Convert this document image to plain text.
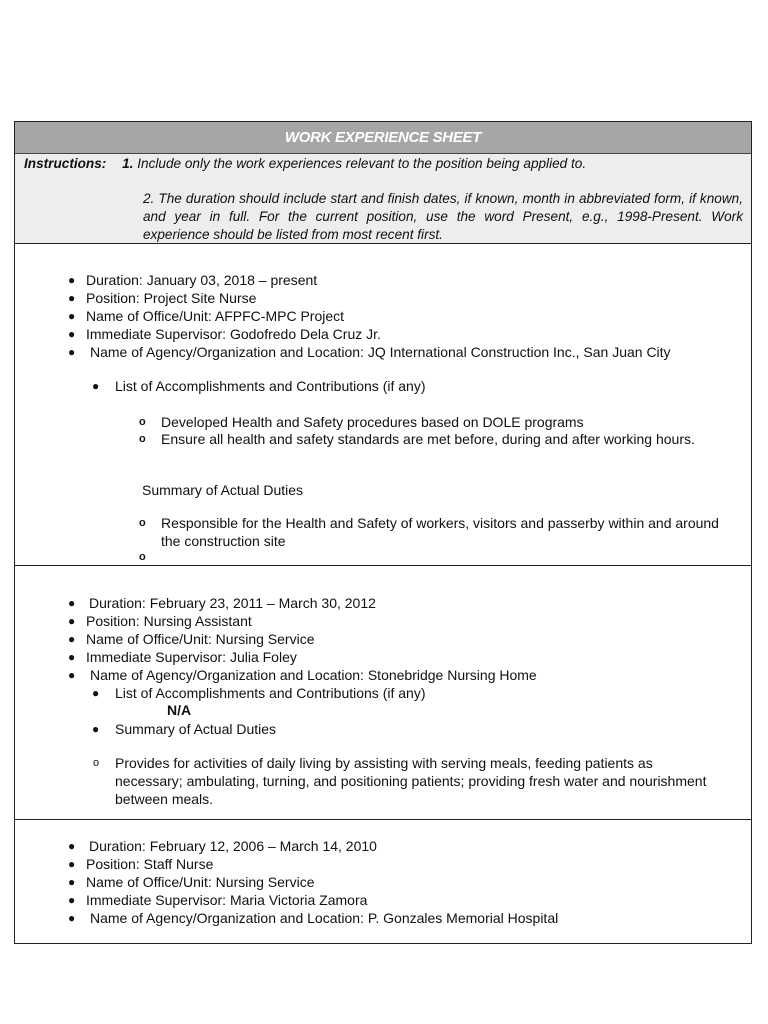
WORK EXPERIENCE SHEET
Instructions: 1. Include only the work experiences relevant to the position being applied to.
2. The duration should include start and finish dates, if known, month in abbreviated form, if known, and year in full. For the current position, use the word Present, e.g., 1998-Present. Work experience should be listed from most recent first.
● Duration: January 03, 2018 – present
● Position: Project Site Nurse
● Name of Office/Unit: AFPFC-MPC Project
● Immediate Supervisor: Godofredo Dela Cruz Jr.
● Name of Agency/Organization and Location: JQ International Construction Inc., San Juan City
● List of Accomplishments and Contributions (if any)
o Developed Health and Safety procedures based on DOLE programs
o Ensure all health and safety standards are met before, during and after working hours.
Summary of Actual Duties
o Responsible for the Health and Safety of workers, visitors and passerby within and around the construction site
o
● Duration: February 23, 2011 – March 30, 2012
● Position: Nursing Assistant
● Name of Office/Unit: Nursing Service
● Immediate Supervisor: Julia Foley
● Name of Agency/Organization and Location: Stonebridge Nursing Home
● List of Accomplishments and Contributions (if any)
N/A
● Summary of Actual Duties
o Provides for activities of daily living by assisting with serving meals, feeding patients as necessary; ambulating, turning, and positioning patients; providing fresh water and nourishment between meals.
● Duration: February 12, 2006 – March 14, 2010
● Position: Staff Nurse
● Name of Office/Unit: Nursing Service
● Immediate Supervisor: Maria Victoria Zamora
● Name of Agency/Organization and Location: P. Gonzales Memorial Hospital
